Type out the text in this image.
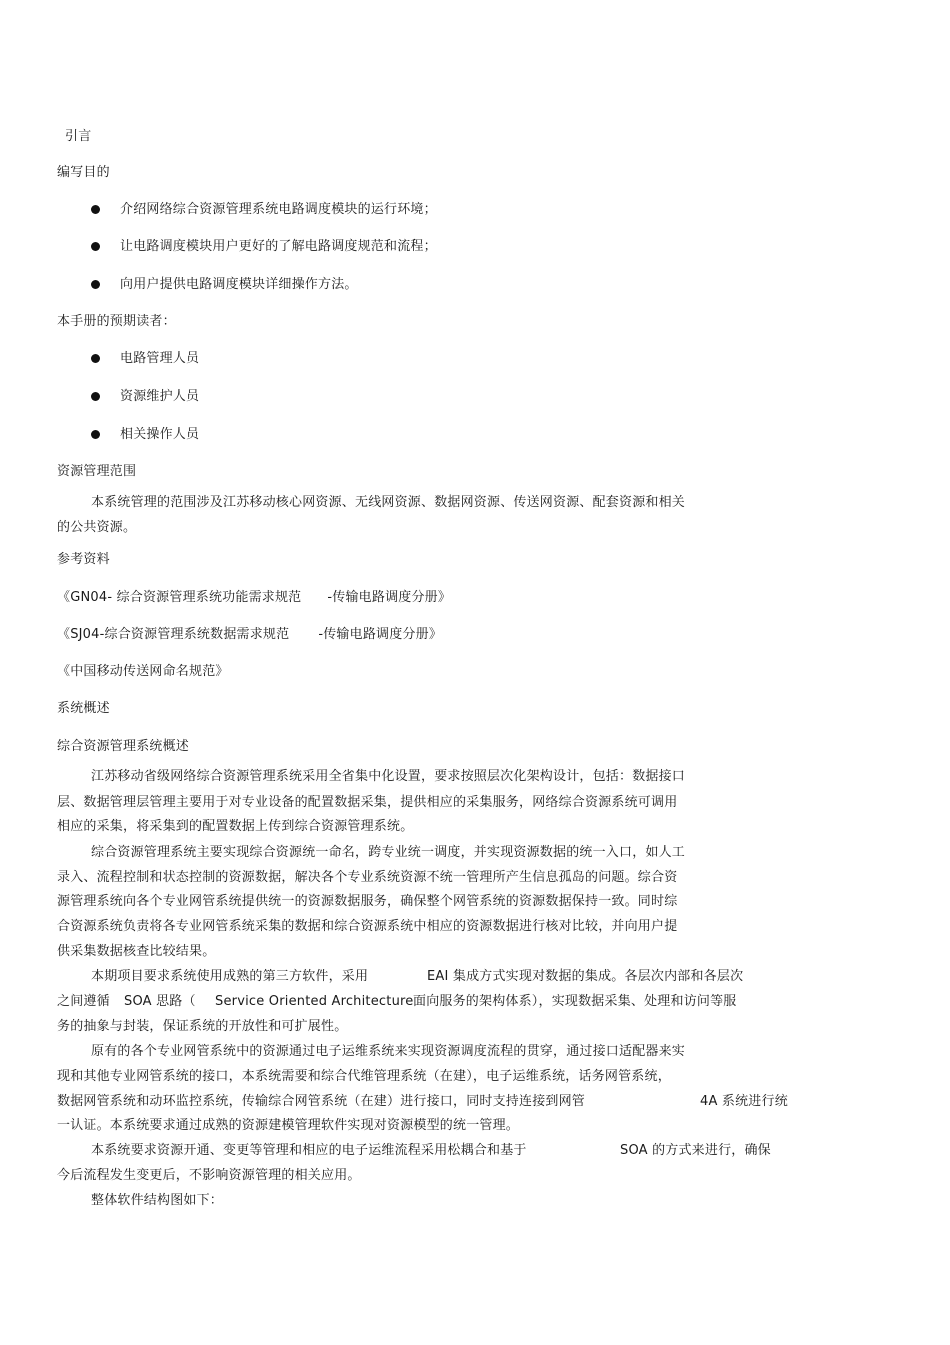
引言
编写目的
介绍网络综合资源管理系统电路调度模块的运行环境；
让电路调度模块用户更好的了解电路调度规范和流程；
向用户提供电路调度模块详细操作方法。
本手册的预期读者：
电路管理人员
资源维护人员
相关操作人员
资源管理范围
本系统管理的范围涉及江苏移动核心网资源、无线网资源、数据网资源、传送网资源、配套资源和相关
的公共资源。
参考资料
《GN04- 综合资源管理系统功能需求规范 -传输电路调度分册》
《SJ04-综合资源管理系统数据需求规范 -传输电路调度分册》
《中国移动传送网命名规范》
系统概述
综合资源管理系统概述
江苏移动省级网络综合资源管理系统采用全省集中化设置，要求按照层次化架构设计，包括：数据接口
层、数据管理层管理主要用于对专业设备的配置数据采集，提供相应的采集服务，网络综合资源系统可调用
相应的采集，将采集到的配置数据上传到综合资源管理系统。
综合资源管理系统主要实现综合资源统一命名，跨专业统一调度，并实现资源数据的统一入口，如人工
录入、流程控制和状态控制的资源数据，解决各个专业系统资源不统一管理所产生信息孤岛的问题。综合资
源管理系统向各个专业网管系统提供统一的资源数据服务，确保整个网管系统的资源数据保持一致。同时综
合资源系统负责将各专业网管系统采集的数据和综合资源系统中相应的资源数据进行核对比较，并向用户提
供采集数据核查比较结果。
本期项目要求系统使用成熟的第三方软件，采用	EAI 集成方式实现对数据的集成。各层次内部和各层次
之间遵循 SOA 思路（ Service Oriented Architecture 面向服务的架构体系），实现数据采集、处理和访问等服
务的抽象与封装，保证系统的开放性和可扩展性。
原有的各个专业网管系统中的资源通过电子运维系统来实现资源调度流程的贯穿，通过接口适配器来实
现和其他专业网管系统的接口，本系统需要和综合代维管理系统（在建），电子运维系统，话务网管系统，
数据网管系统和动环监控系统，传输综合网管系统（在建）进行接口，同时支持连接到网管	4A 系统进行统
一认证。本系统要求通过成熟的资源建模管理软件实现对资源模型的统一管理。
本系统要求资源开通、变更等管理和相应的电子运维流程采用松耦合和基于	SOA 的方式来进行，确保
今后流程发生变更后，不影响资源管理的相关应用。
整体软件结构图如下：
